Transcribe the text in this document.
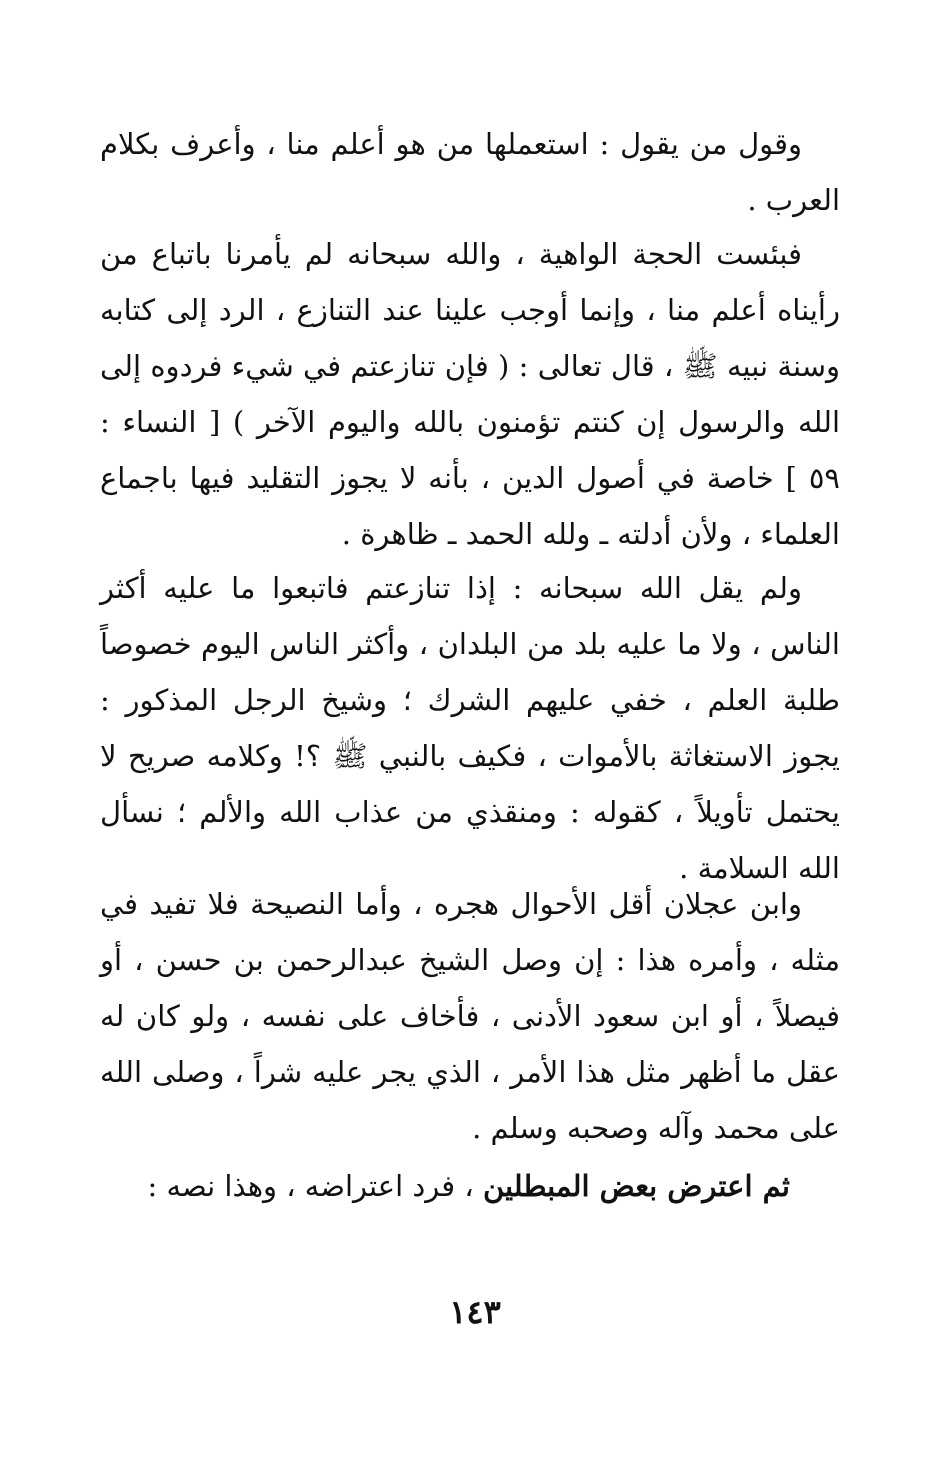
وقول من يقول : استعملها من هو أعلم منا ، وأعرف بكلام العرب .

فبئست الحجة الواهية ، والله سبحانه لم يأمرنا باتباع من رأيناه أعلم منا ، وإنما أوجب علينا عند التنازع ، الرد إلى كتابه وسنة نبيه ﷺ ، قال تعالى : ( فإن تنازعتم في شيء فردوه إلى الله والرسول إن كنتم تؤمنون بالله واليوم الآخر ) [ النساء : ٥٩ ] خاصة في أصول الدين ، بأنه لا يجوز التقليد فيها باجماع العلماء ، ولأن أدلته ـ ولله الحمد ـ ظاهرة .

ولم يقل الله سبحانه : إذا تنازعتم فاتبعوا ما عليه أكثر الناس ، ولا ما عليه بلد من البلدان ، وأكثر الناس اليوم خصوصاً طلبة العلم ، خفي عليهم الشرك ؛ وشيخ الرجل المذكور : يجوز الاستغاثة بالأموات ، فكيف بالنبي ﷺ ؟! وكلامه صريح لا يحتمل تأويلاً ، كقوله : ومنقذي من عذاب الله والألم ؛ نسأل الله السلامة .

وابن عجلان أقل الأحوال هجره ، وأما النصيحة فلا تفيد في مثله ، وأمره هذا : إن وصل الشيخ عبدالرحمن بن حسن ، أو فيصلاً ، أو ابن سعود الأدنى ، فأخاف على نفسه ، ولو كان له عقل ما أظهر مثل هذا الأمر ، الذي يجر عليه شراً ، وصلى الله على محمد وآله وصحبه وسلم .

ثم اعترض بعض المبطلين ، فرد اعتراضه ، وهذا نصه :

١٤٣
